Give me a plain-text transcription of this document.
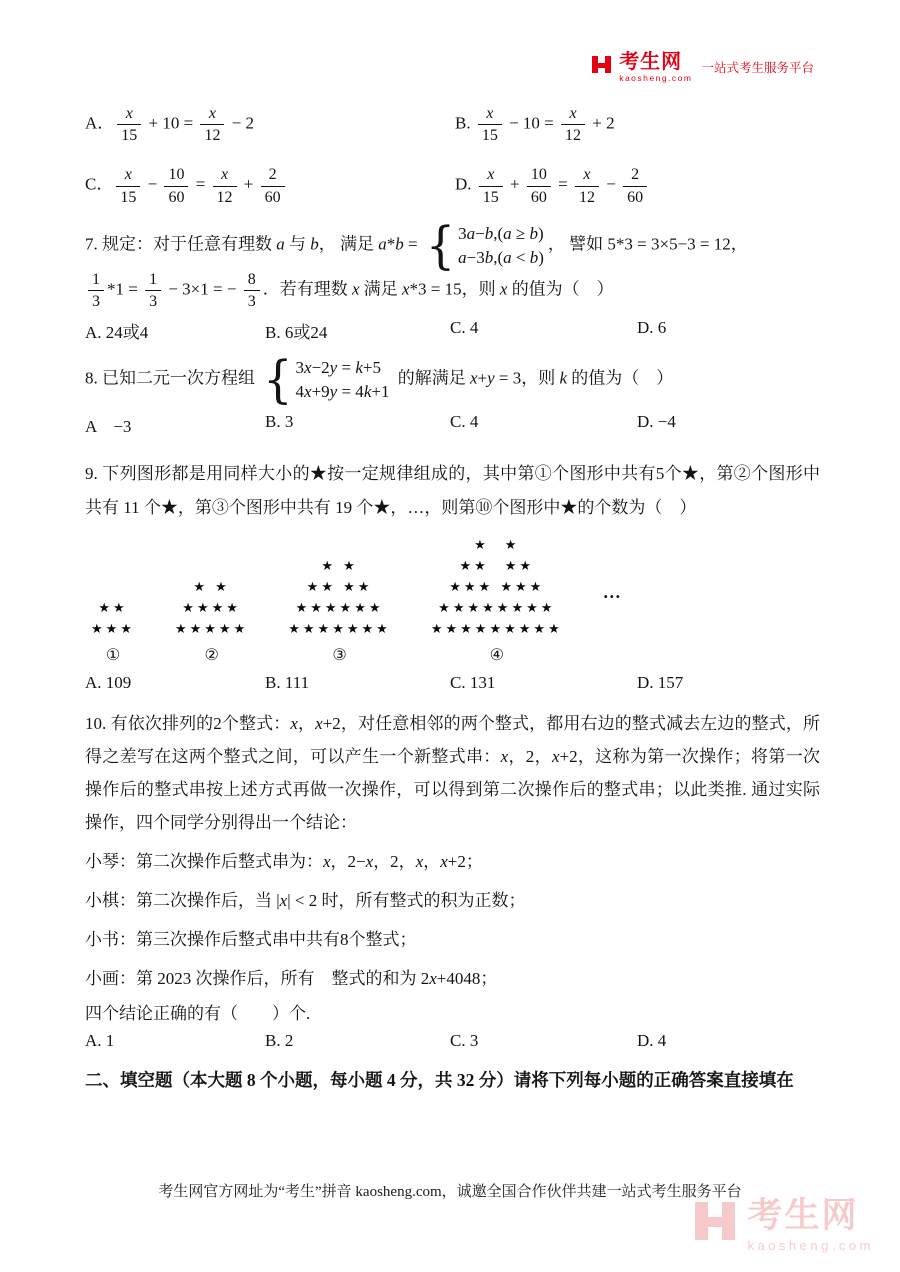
考生网
kaosheng.com
一站式考生服务平台
A． $\frac{x}{15} + 10 = \frac{x}{12} - 2$	B. $\frac{x}{15} - 10 = \frac{x}{12} + 2$
C． $\frac{x}{15} - \frac{10}{60} = \frac{x}{12} + \frac{2}{60}$	D. $\frac{x}{15} + \frac{10}{60} = \frac{x}{12} - \frac{2}{60}$
7. 规定：对于任意有理数 a 与 b， 满足 a*b = { 3a−b,(a ≥ b)
a−3b,(a < b)
， 譬如 5*3 = 3×5−3 = 12，
$\frac{1}{3} *1 = \frac{1}{3} - 3\times 1$ = − $\frac{8}{3}$ ．若有理数 x 满足 x*3 = 15，则 x 的值为（　）
A. 24或4	B. 6或24	C. 4	D. 6
8. 已知二元一次方程组 { 3x−2y = k+5
4x+9y = 4k+1
的解满足 x+y = 3，则 k 的值为（　）
A　−3	B. 3	C. 4	D. −4
9. 下列图形都是用同样大小的★按一定规律组成的，其中第①个图形中共有5个★，第②个图形中共有 11 个★，第③个图形中共有 19 个★，…，则第⑩个图形中★的个数为（　）
★★
★★★
①
★ ★
★★★★
★★★★★
②
★ ★
★★ ★★
★★★★★★
★★★★★★★
③
★　★
★★　★★
★★★ ★★★
★★★★★★★★
★★★★★★★★★
④
…
A. 109	B. 111	C. 131	D. 157
10. 有依次排列的2个整式：x，x+2，对任意相邻的两个整式，都用右边的整式减去左边的整式，所得之差写在这两个整式之间，可以产生一个新整式串：x，2，x+2，这称为第一次操作；将第一次操作后的整式串按上述方式再做一次操作，可以得到第二次操作后的整式串；以此类推. 通过实际操作，四个同学分别得出一个结论：
小琴：第二次操作后整式串为：x，2−x，2，x，x+2；
小棋：第二次操作后，当 |x| < 2 时，所有整式的积为正数；
小书：第三次操作后整式串中共有8个整式；
小画：第 2023 次操作后，所有　整式的和为 2x+4048；
四个结论正确的有（　　）个.
A. 1	B. 2	C. 3	D. 4
二、填空题（本大题 8 个小题，每小题 4 分，共 32 分）请将下列每小题的正确答案直接填在
考生网官方网址为“考生”拼音 kaosheng.com，诚邀全国合作伙伴共建一站式考生服务平台
考生网
kaosheng.com
